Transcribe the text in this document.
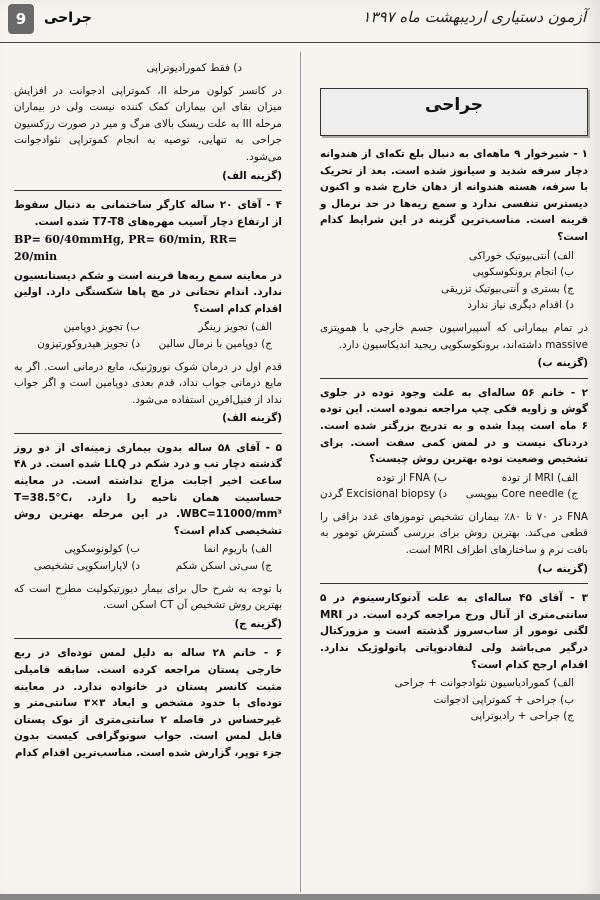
آزمون دستیاری اردیبهشت ماه ۱۳۹۷
جراحی
9
جراحی

۱ - شیرخوار ۹ ماهه‌ای به دنبال بلع تکه‌ای از هندوانه دچار سرفه شدید و سیانوز شده است. بعد از تحریک با سرفه، هسته هندوانه از دهان خارج شده و اکنون دیسترس تنفسی ندارد و سمع ریه‌ها در حد نرمال و قرینه است. مناسب‌ترین گزینه در این شرایط کدام است؟

الف) آنتی‌بیوتیک خوراکی

ب) انجام برونکوسکوپی

ج) بستری و آنتی‌بیوتیک تزریقی

د) اقدام دیگری نیاز ندارد

در تمام بیمارانی که آسپیراسیون جسم خارجی با هموپتزی massive داشته‌اند، برونکوسکوپی ریجید اندیکاسیون دارد.

(گزینه ب)

۲ - خانم ۵۶ ساله‌ای به علت وجود توده در جلوی گوش و زاویه فکی چپ مراجعه نموده است. این توده ۶ ماه است پیدا شده و به تدریج بزرگتر شده است. دردناک نیست و در لمس کمی سفت است. برای تشخیص وضعیت توده بهترین روش چیست؟

الف) MRI از توده
ب) FNA از توده
ج) Core needle بیوپسی
د) Excisional biopsy گردن

FNA در ۷۰ تا ۸۰٪ بیماران تشخیص تومورهای غدد بزاقی را قطعی می‌کند. بهترین روش برای بررسی گسترش تومور به بافت نرم و ساختارهای اطراف MRI است.

(گزینه ب)

۳ - آقای ۴۵ ساله‌ای به علت آدنوکارسینوم در ۵ سانتی‌متری از آنال ورج مراجعه کرده است. در MRI لگنی تومور از ساب‌سروز گذشته است و مزورکتال درگیر می‌باشد ولی لنفادنوپاتی پاتولوژیک ندارد. اقدام ارجح کدام است؟

الف) کمورادیاسیون نئوادجوانت + جراحی

ب) جراحی + کموتراپی ادجوانت

ج) جراحی + رادیوتراپی

د) فقط کمورادیوتراپی

در کانسر کولون مرحله II، کموتراپی ادجوانت در افزایش میزان بقای این بیماران کمک کننده نیست ولی در بیماران مرحله III به علت ریسک بالای مرگ و میر در صورت رزکسیون جراحی به تنهایی، توصیه به انجام کموتراپی نئوادجوانت می‌شود.

(گزینه الف)

۴ - آقای ۲۰ ساله کارگر ساختمانی به دنبال سقوط از ارتفاع دچار آسیب مهره‌های T7-T8 شده است.

BP= 60/40mmHg, PR= 60/min, RR= 20/min

در معاینه سمع ریه‌ها قرینه است و شکم دیستانسیون ندارد. اندام تحتانی در مچ پاها شکستگی دارد. اولین اقدام کدام است؟

الف) تجویز رینگر
ب) تجویز دوپامین
ج) دوپامین با نرمال سالین
د) تجویز هیدروکورتیزون

قدم اول در درمان شوک نوروژنیک، مایع درمانی است. اگر به مایع درمانی جواب نداد، قدم بعدی دوپامین است و اگر جواب نداد از فنیل‌افرین استفاده می‌شود.

(گزینه الف)

۵ - آقای ۵۸ ساله بدون بیماری زمینه‌ای از دو روز گذشته دچار تب و درد شکم در LLQ شده است. در ۴۸ ساعت اخیر اجابت مزاج نداشته است. در معاینه حساسیت همان ناحیه را دارد. T=38.5°C، WBC=11000/mm³. در این مرحله بهترین روش تشخیصی کدام است؟

الف) باریوم انما
ب) کولونوسکوپی
ج) سی‌تی اسکن شکم
د) لاپاراسکوپی تشخیصی

با توجه به شرح حال برای بیمار دیورتیکولیت مطرح است که بهترین روش تشخیص آن CT اسکن است.

(گزینه ج)

۶ - خانم ۲۸ ساله به دلیل لمس توده‌ای در ربع خارجی پستان مراجعه کرده است. سابقه فامیلی مثبت کانسر پستان در خانواده ندارد. در معاینه توده‌ای با حدود مشخص و ابعاد ۳×۳ سانتی‌متر و غیرحساس در فاصله ۲ سانتی‌متری از نوک پستان قابل لمس است. جواب سونوگرافی کیست بدون جزء توپر، گزارش شده است. مناسب‌ترین اقدام کدام
